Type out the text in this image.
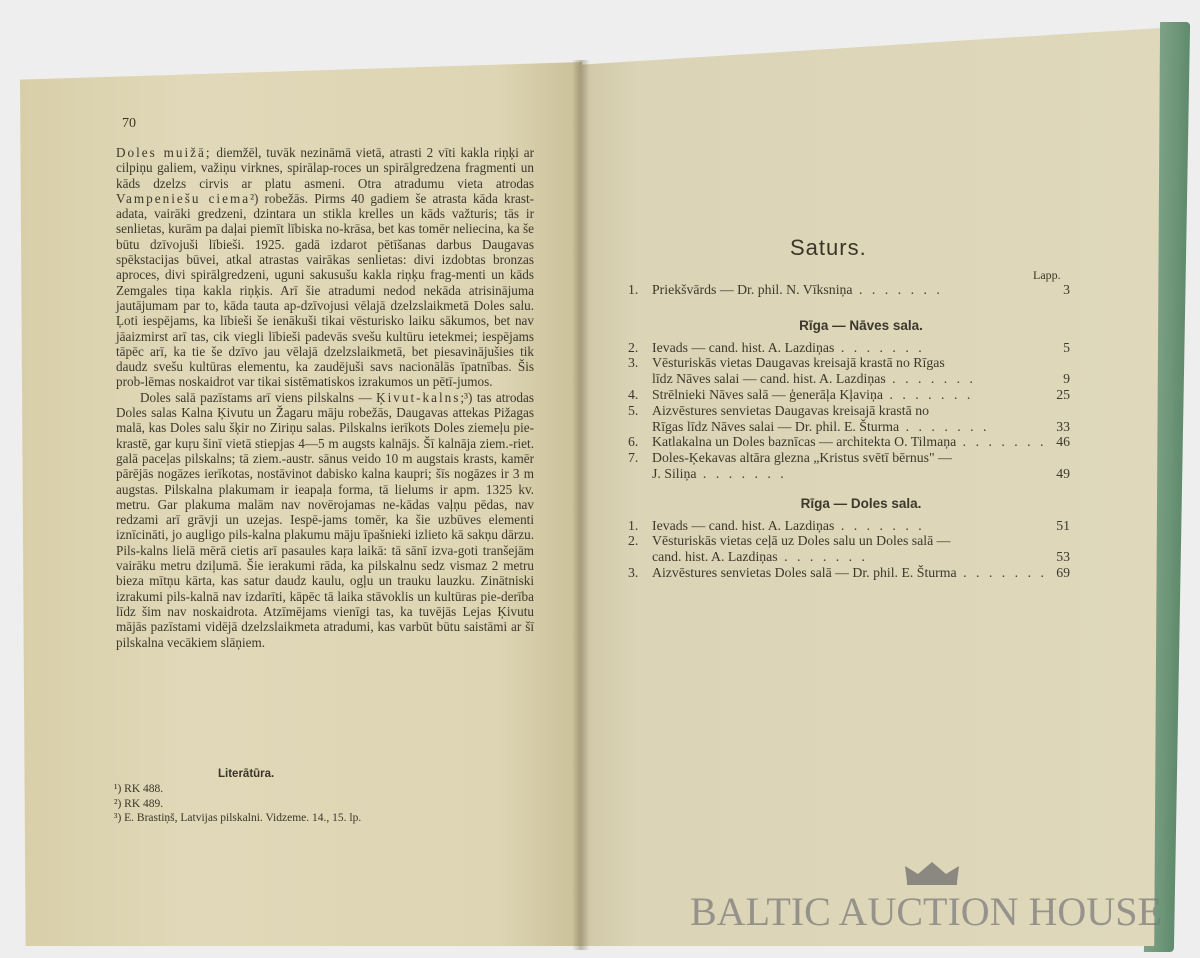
70

Doles muižā; diemžēl, tuvāk nezināmā vietā, atrasti 2 vīti kakla riņķi ar cilpiņu galiem, važiņu virknes, spirālap-roces un spirālgredzena fragmenti un kāds dzelzs cirvis ar platu asmeni. Otra atradumu vieta atrodas Vampeniešu ciema²) robežās. Pirms 40 gadiem še atrasta kāda krast-adata, vairāki gredzeni, dzintara un stikla krelles un kāds važturis; tās ir senlietas, kurām pa daļai piemīt lībiska no-krāsa, bet kas tomēr neliecina, ka še būtu dzīvojuši lībieši. 1925. gadā izdarot pētīšanas darbus Daugavas spēkstacijas būvei, atkal atrastas vairākas senlietas: divi izdobtas bronzas aproces, divi spirālgredzeni, uguni sakusušu kakla riņķu frag-menti un kāds Zemgales tiņa kakla riņķis. Arī šie atradumi nedod nekāda atrisinājuma jautājumam par to, kāda tauta ap-dzīvojusi vēlajā dzelzslaikmetā Doles salu. Ļoti iespējams, ka lībieši še ienākuši tikai vēsturisko laiku sākumos, bet nav jāaizmirst arī tas, cik viegli lībieši padevās svešu kultūru ietekmei; iespējams tāpēc arī, ka tie še dzīvo jau vēlajā dzelzslaikmetā, bet piesavinājušies tik daudz svešu kultūras elementu, ka zaudējuši savs nacionālās īpatnības. Šis prob-lēmas noskaidrot var tikai sistēmatiskos izrakumos un pētī-jumos.

Doles salā pazīstams arī viens pilskalns — Ķivut-kalns;³) tas atrodas Doles salas Kalna Ķivutu un Žagaru māju robežās, Daugavas attekas Pižagas malā, kas Doles salu šķir no Ziriņu salas. Pilskalns ierīkots Doles ziemeļu pie-krastē, gar kuŗu šinī vietā stiepjas 4—5 m augsts kalnājs. Šī kalnāja ziem.-riet. galā paceļas pilskalns; tā ziem.-austr. sānus veido 10 m augstais krasts, kamēr pārējās nogāzes ierīkotas, nostāvinot dabisko kalna kaupri; šīs nogāzes ir 3 m augstas. Pilskalna plakumam ir ieapaļa forma, tā lielums ir apm. 1325 kv. metru. Gar plakuma malām nav novērojamas ne-kādas vaļņu pēdas, nav redzami arī grāvji un uzejas. Iespē-jams tomēr, ka šie uzbūves elementi iznīcināti, jo augligo pils-kalna plakumu māju īpašnieki izlieto kā sakņu dārzu. Pils-kalns lielā mērā cietis arī pasaules kaŗa laikā: tā sānī izva-goti tranšejām vairāku metru dziļumā. Šie ierakumi rāda, ka pilskalnu sedz vismaz 2 metru bieza mītņu kārta, kas satur daudz kaulu, ogļu un trauku lauzku. Zinātniski izrakumi pils-kalnā nav izdarīti, kāpēc tā laika stāvoklis un kultūras pie-derība līdz šim nav noskaidrota. Atzīmējams vienīgi tas, ka tuvējās Lejas Ķivutu mājās pazīstami vidējā dzelzslaikmeta atradumi, kas varbūt būtu saistāmi ar šī pilskalna vecākiem slāņiem.

Literātūra.
¹) RK 488.
²) RK 489.
³) E. Brastiņš, Latvijas pilskalni. Vidzeme. 14., 15. lp.
Saturs.
Lapp.
1. Priekšvārds — Dr. phil. N. Vīksniņa . . . . . . .	3
Rīga — Nāves sala.
2. Ievads — cand. hist. A. Lazdiņas . . . . . . .	5
3. Vēsturiskās vietas Daugavas kreisajā krastā no Rīgas
līdz Nāves salai — cand. hist. A. Lazdiņas . . . . . . .	9
4. Strēlnieki Nāves salā — ģenerāļa Kļaviņa . . . . . . .	25
5. Aizvēstures senvietas Daugavas kreisajā krastā no
Rīgas līdz Nāves salai — Dr. phil. E. Šturma . . . . . . .	33
6. Katlakalna un Doles baznīcas — architekta O. Tilmaņa . . . . . . . 46
7. Doles-Ķekavas altāra glezna „Kristus svētī bērnus" —
J. Siliņa . . . . . . .	49
Rīga — Doles sala.
1. Ievads — cand. hist. A. Lazdiņas . . . . . . .	51
2. Vēsturiskās vietas ceļā uz Doles salu un Doles salā —
cand. hist. A. Lazdiņas . . . . . . .	53
3. Aizvēstures senvietas Doles salā — Dr. phil. E. Šturma . . . . . . . 69
BALTIC AUCTION HOUSE
